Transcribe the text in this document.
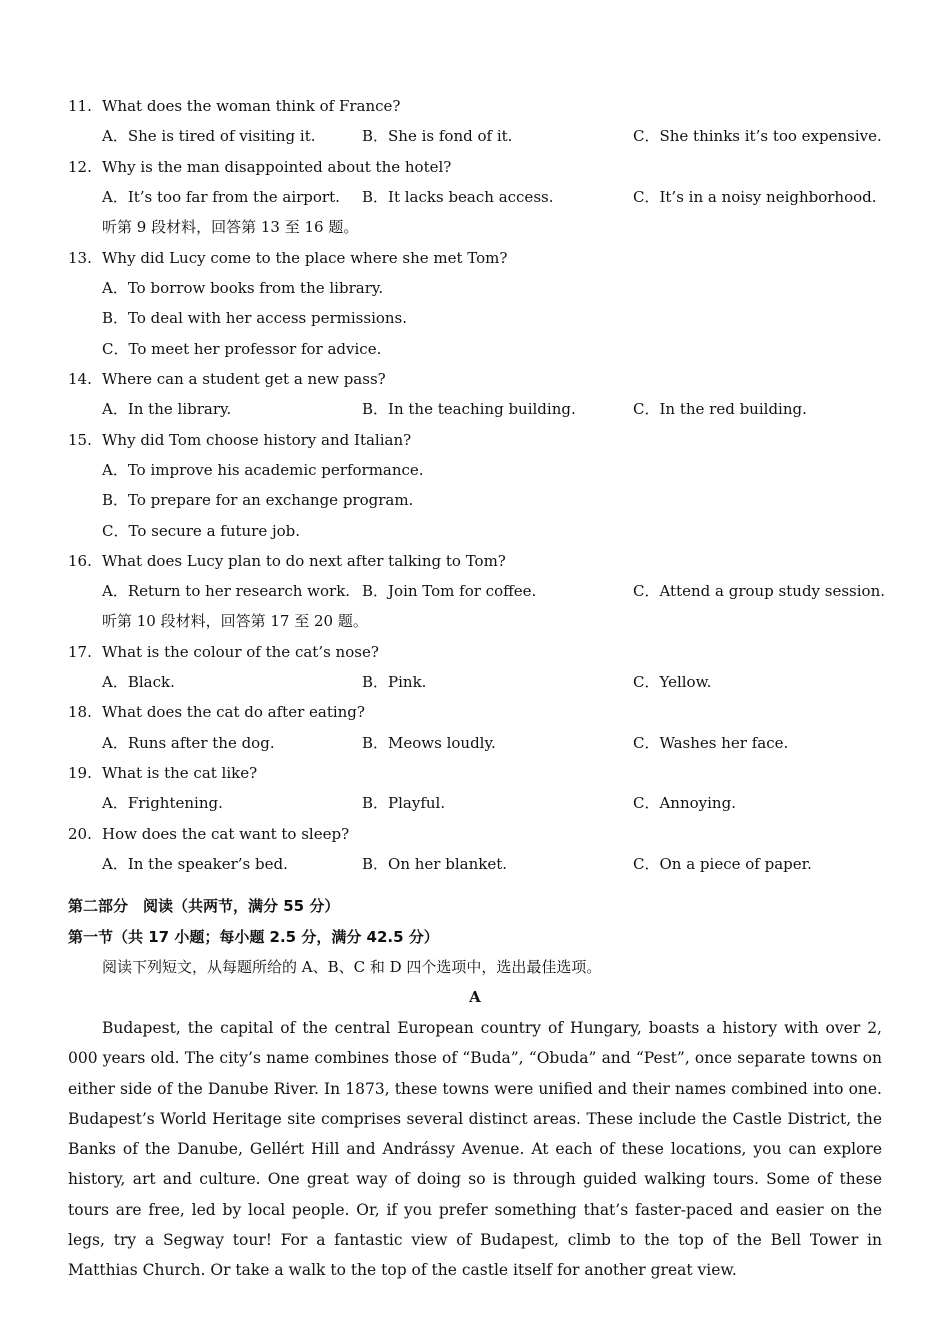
11. What does the woman think of France?
A．She is tired of visiting it.	B．She is fond of it.	C．She thinks it’s too expensive.
12. Why is the man disappointed about the hotel?
A．It’s too far from the airport. B．It lacks beach access.	C．It’s in a noisy neighborhood.
听第 9 段材料，回答第 13 至 16 题。
13. Why did Lucy come to the place where she met Tom?
A．To borrow books from the library.
B．To deal with her access permissions.
C．To meet her professor for advice.
14. Where can a student get a new pass?
A．In the library.	B．In the teaching building.	C．In the red building.
15. Why did Tom choose history and Italian?
A．To improve his academic performance.
B．To prepare for an exchange program.
C．To secure a future job.
16. What does Lucy plan to do next after talking to Tom?
A．Return to her research work. B．Join Tom for coffee.	C．Attend a group study session.
听第 10 段材料，回答第 17 至 20 题。
17. What is the colour of the cat’s nose?
A．Black.	B．Pink.	C．Yellow.
18. What does the cat do after eating?
A．Runs after the dog.	B．Meows loudly.	C．Washes her face.
19. What is the cat like?
A．Frightening.	B．Playful.	C．Annoying.
20. How does the cat want to sleep?
A．In the speaker’s bed.	B．On her blanket.	C．On a piece of paper.
第二部分　阅读（共两节，满分 55 分）
第一节（共 17 小题；每小题 2.5 分，满分 42.5 分）
阅读下列短文，从每题所给的 A、B、C 和 D 四个选项中，选出最佳选项。
A
Budapest, the capital of the central European country of Hungary, boasts a history with over 2, 000 years old. The city’s name combines those of “Buda”, “Obuda” and “Pest”, once separate towns on either side of the Danube River. In 1873, these towns were unified and their names combined into one. Budapest’s World Heritage site comprises several distinct areas. These include the Castle District, the Banks of the Danube, Gellért Hill and Andrássy Avenue. At each of these locations, you can explore history, art and culture. One great way of doing so is through guided walking tours. Some of these tours are free, led by local people. Or, if you prefer something that’s faster-paced and easier on the legs, try a Segway tour! For a fantastic view of Budapest, climb to the top of the Bell Tower in Matthias Church. Or take a walk to the top of the castle itself for another great view.
